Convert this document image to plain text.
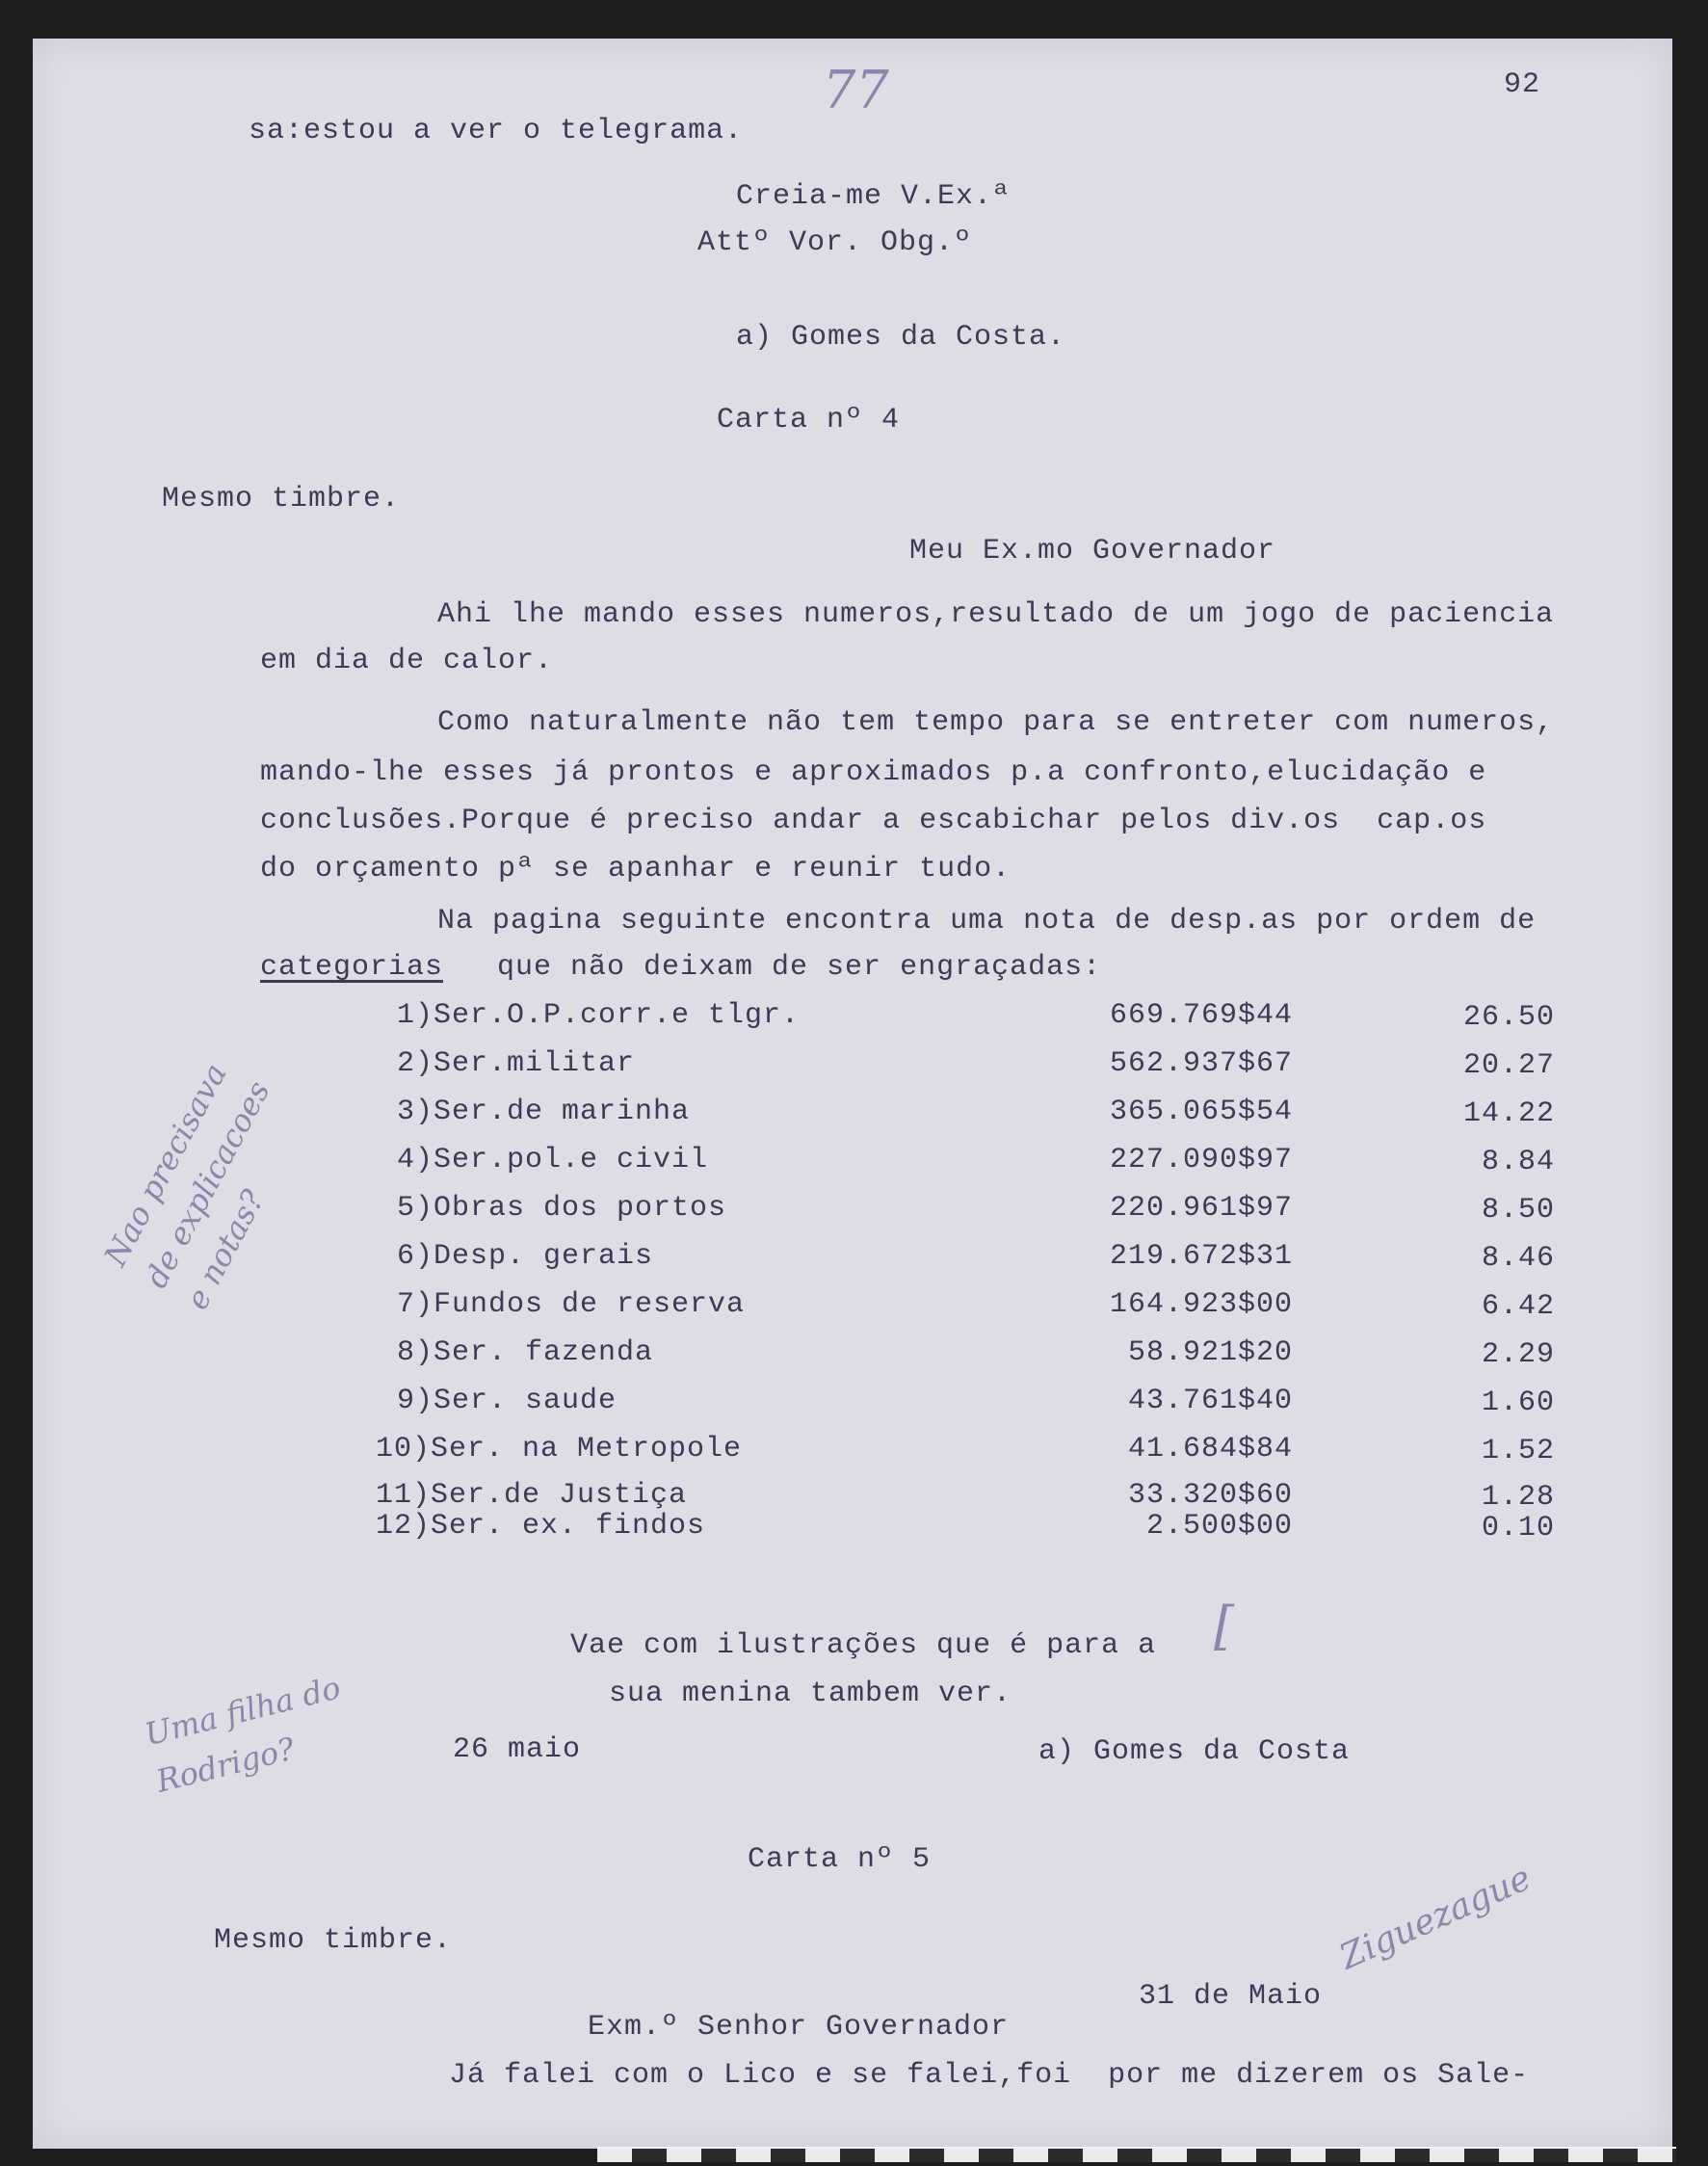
92
77
sa:estou a ver o telegrama.
Creia-me V.Ex.ª
Attº Vor. Obg.º
a) Gomes da Costa.
Carta nº 4
Mesmo timbre.
Meu Ex.mo Governador
Ahi lhe mando esses numeros,resultado de um jogo de paciencia
em dia de calor.
Como naturalmente não tem tempo para se entreter com numeros,
mando-lhe esses já prontos e aproximados p.a confronto,elucidação e
conclusões.Porque é preciso andar a escabichar pelos div.os  cap.os
do orçamento pª se apanhar e reunir tudo.
Na pagina seguinte encontra uma nota de desp.as por ordem de
categorias que não deixam de ser engraçadas:
1)Ser.O.P.corr.e tlgr.	669.769$44	26.50
2)Ser.militar	562.937$67	20.27
3)Ser.de marinha	365.065$54	14.22
4)Ser.pol.e civil	227.090$97	8.84
5)Obras dos portos	220.961$97	8.50
6)Desp. gerais	219.672$31	8.46
7)Fundos de reserva	164.923$00	6.42
8)Ser. fazenda	58.921$20	2.29
9)Ser. saude	43.761$40	1.60
10)Ser. na Metropole	41.684$84	1.52
11)Ser.de Justiça	33.320$60	1.28
12)Ser. ex. findos	2.500$00	0.10
Nao precisava
de explicacoes
e notas?
Vae com ilustrações que é para a [
sua menina tambem ver.
Uma filha do
Rodrigo?	26 maio	a) Gomes da Costa
Carta nº 5	Ziguezague
Mesmo timbre.
31 de Maio
Exm.º Senhor Governador
Já falei com o Lico e se falei,foi  por me dizerem os Sale-
